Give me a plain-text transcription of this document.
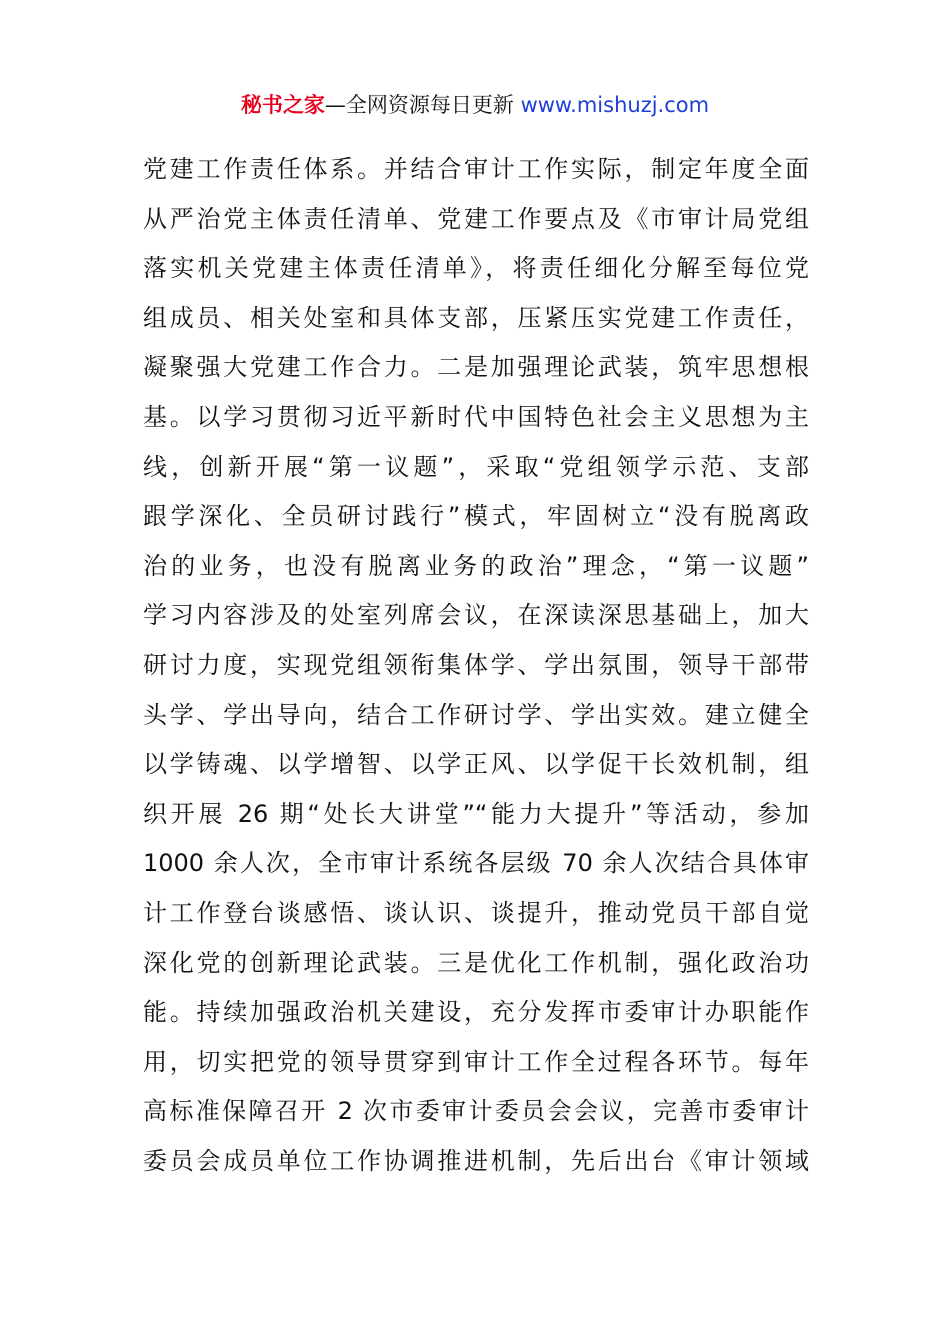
秘书之家—全网资源每日更新 www.mishuzj.com
党建工作责任体系。并结合审计工作实际，制定年度全面
从严治党主体责任清单、党建工作要点及《市审计局党组
落实机关党建主体责任清单》，将责任细化分解至每位党
组成员、相关处室和具体支部，压紧压实党建工作责任，
凝聚强大党建工作合力。二是加强理论武装，筑牢思想根
基。以学习贯彻习近平新时代中国特色社会主义思想为主
线，创新开展“第一议题”，采取“党组领学示范、支部
跟学深化、全员研讨践行”模式，牢固树立“没有脱离政
治的业务，也没有脱离业务的政治”理念，“第一议题”
学习内容涉及的处室列席会议，在深读深思基础上，加大
研讨力度，实现党组领衔集体学、学出氛围，领导干部带
头学、学出导向，结合工作研讨学、学出实效。建立健全
以学铸魂、以学增智、以学正风、以学促干长效机制，组
织开展 26 期“处长大讲堂”“能力大提升”等活动，参加
1000 余人次，全市审计系统各层级 70 余人次结合具体审
计工作登台谈感悟、谈认识、谈提升，推动党员干部自觉
深化党的创新理论武装。三是优化工作机制，强化政治功
能。持续加强政治机关建设，充分发挥市委审计办职能作
用，切实把党的领导贯穿到审计工作全过程各环节。每年
高标准保障召开 2 次市委审计委员会会议，完善市委审计
委员会成员单位工作协调推进机制，先后出台《审计领域
